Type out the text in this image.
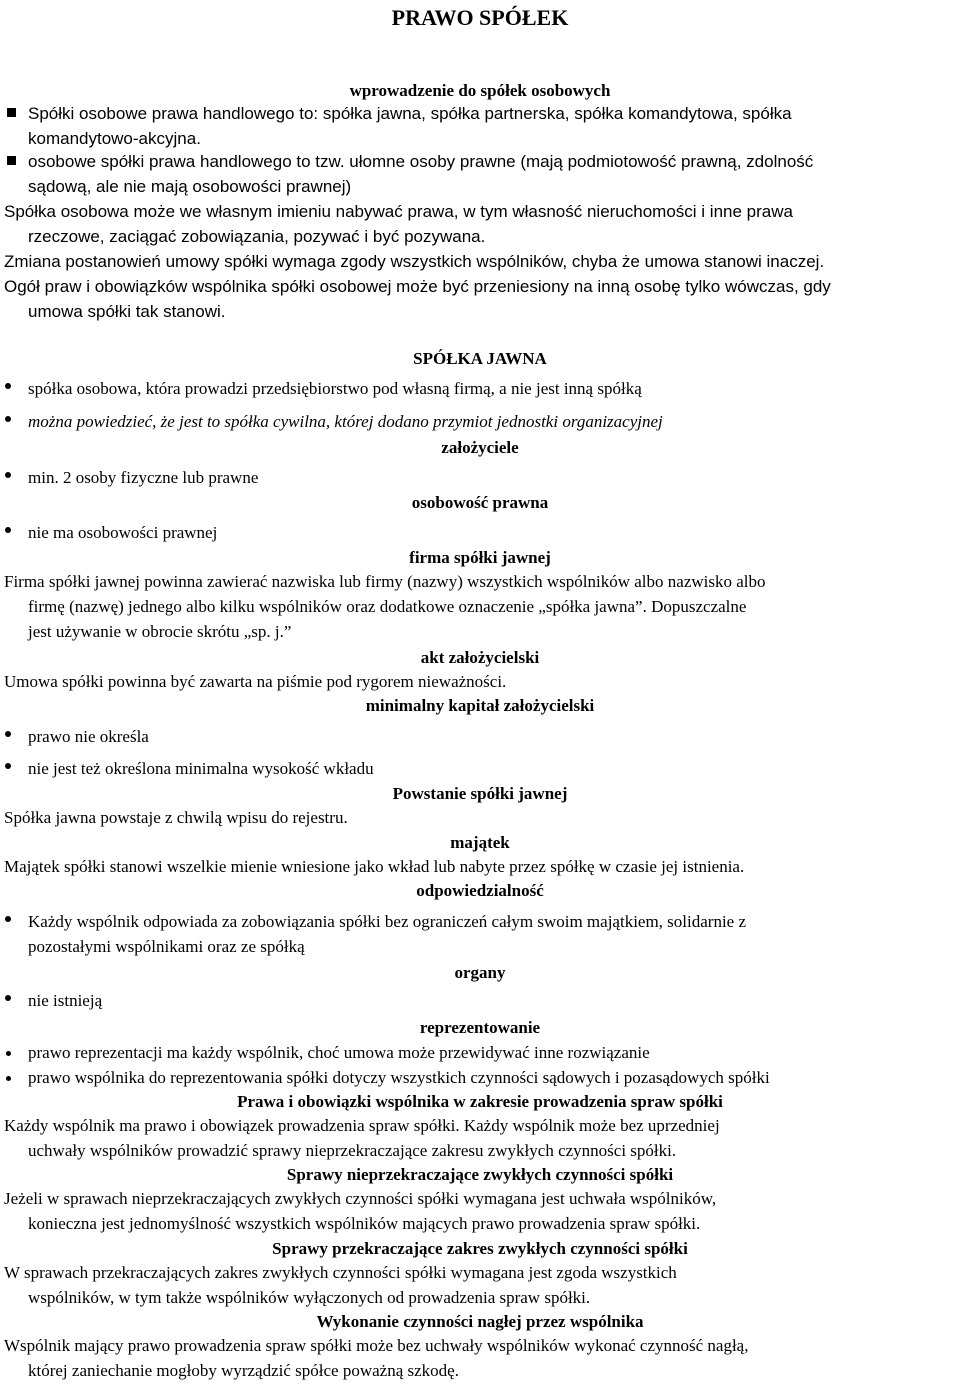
PRAWO SPÓŁEK
wprowadzenie do spółek osobowych
Spółki osobowe prawa handlowego to: spółka jawna, spółka partnerska, spółka komandytowa, spółka
komandytowo-akcyjna.
osobowe spółki prawa handlowego to tzw. ułomne osoby prawne (mają podmiotowość prawną, zdolność
sądową, ale nie mają osobowości prawnej)
Spółka osobowa może we własnym imieniu nabywać prawa, w tym własność nieruchomości i inne prawa
rzeczowe, zaciągać zobowiązania, pozywać i być pozywana.
Zmiana postanowień umowy spółki wymaga zgody wszystkich wspólników, chyba że umowa stanowi inaczej.
Ogół praw i obowiązków wspólnika spółki osobowej może być przeniesiony na inną osobę tylko wówczas, gdy
umowa spółki tak stanowi.
SPÓŁKA JAWNA
spółka osobowa, która prowadzi przedsiębiorstwo pod własną firmą, a nie jest inną spółką
można powiedzieć, że jest to spółka cywilna, której dodano przymiot jednostki organizacyjnej
założyciele
min. 2 osoby fizyczne lub prawne
osobowość prawna
nie ma osobowości prawnej
firma spółki jawnej
Firma spółki jawnej powinna zawierać nazwiska lub firmy (nazwy) wszystkich wspólników albo nazwisko albo
firmę (nazwę) jednego albo kilku wspólników oraz dodatkowe oznaczenie „spółka jawna”. Dopuszczalne
jest używanie w obrocie skrótu „sp. j.”
akt założycielski
Umowa spółki powinna być zawarta na piśmie pod rygorem nieważności.
minimalny kapitał założycielski
prawo nie określa
nie jest też określona minimalna wysokość wkładu
Powstanie spółki jawnej
Spółka jawna powstaje z chwilą wpisu do rejestru.
majątek
Majątek spółki stanowi wszelkie mienie wniesione jako wkład lub nabyte przez spółkę w czasie jej istnienia.
odpowiedzialność
Każdy wspólnik odpowiada za zobowiązania spółki bez ograniczeń całym swoim majątkiem, solidarnie z
pozostałymi wspólnikami oraz ze spółką
organy
nie istnieją
reprezentowanie
prawo reprezentacji ma każdy wspólnik, choć umowa może przewidywać inne rozwiązanie
prawo wspólnika do reprezentowania spółki dotyczy wszystkich czynności sądowych i pozasądowych spółki
Prawa i obowiązki wspólnika w zakresie prowadzenia spraw spółki
Każdy wspólnik ma prawo i obowiązek prowadzenia spraw spółki. Każdy wspólnik może bez uprzedniej
uchwały wspólników prowadzić sprawy nieprzekraczające zakresu zwykłych czynności spółki.
Sprawy nieprzekraczające zwykłych czynności spółki
Jeżeli w sprawach nieprzekraczających zwykłych czynności spółki wymagana jest uchwała wspólników,
konieczna jest jednomyślność wszystkich wspólników mających prawo prowadzenia spraw spółki.
Sprawy przekraczające zakres zwykłych czynności spółki
W sprawach przekraczających zakres zwykłych czynności spółki wymagana jest zgoda wszystkich
wspólników, w tym także wspólników wyłączonych od prowadzenia spraw spółki.
Wykonanie czynności nagłej przez wspólnika
Wspólnik mający prawo prowadzenia spraw spółki może bez uchwały wspólników wykonać czynność nagłą,
której zaniechanie mogłoby wyrządzić spółce poważną szkodę.
